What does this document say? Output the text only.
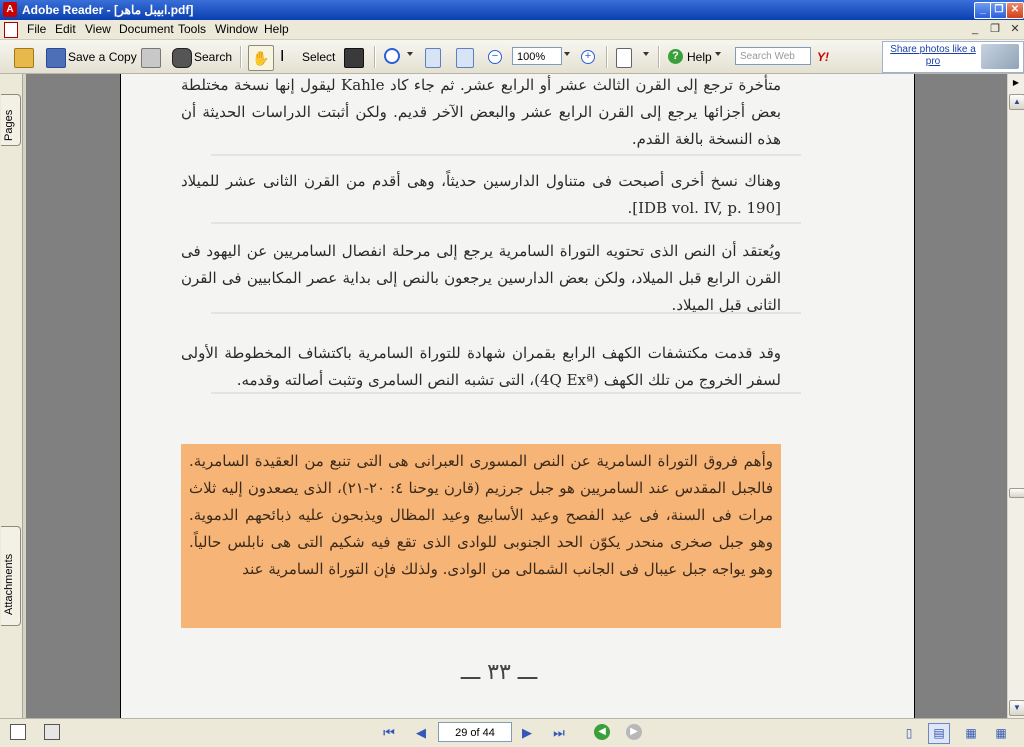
A Adobe Reader - [ابيبل ماهر.pdf]	_ ❐ ✕
File Edit View Document Tools Window Help	_	❐ ✕
Save a Copy	Search	✋ I	Select	−	100%	+	? Help	Search Web	Y!
Share photos like a pro
Pages
Attachments
متأخرة ترجع إلى القرن الثالث عشر أو الرابع عشر. ثم جاء كاد Kahle ليقول إنها نسخة مختلطة بعض أجزائها يرجع إلى القرن الرابع عشر والبعض الآخر قديم. ولكن أثبتت الدراسات الحديثة أن هذه النسخة بالغة القدم.
وهناك نسخ أخرى أصبحت فى متناول الدارسين حديثاً، وهى أقدم من القرن الثانى عشر للميلاد [IDB vol. IV, p. 190].
ويُعتقد أن النص الذى تحتويه التوراة السامرية يرجع إلى مرحلة انفصال السامريين عن اليهود فى القرن الرابع قبل الميلاد، ولكن بعض الدارسين يرجعون بالنص إلى بداية عصر المكابيين فى القرن الثانى قبل الميلاد.
وقد قدمت مكتشفات الكهف الرابع بقمران شهادة للتوراة السامرية باكتشاف المخطوطة الأولى لسفر الخروج من تلك الكهف (4Q Exª)، التى تشبه النص السامرى وتثبت أصالته وقدمه.
وأهم فروق التوراة السامرية عن النص المسورى العبرانى هى التى تنبع من العقيدة السامرية. فالجبل المقدس عند السامريين هو جبل جرزيم (قارن يوحنا ٤: ٢٠-٢١)، الذى يصعدون إليه ثلاث مرات فى السنة، فى عيد الفصح وعيد الأسابيع وعيد المظال ويذبحون عليه ذبائحهم الدموية. وهو جبل صخرى منحدر يكوّن الحد الجنوبى للوادى الذى تقع فيه شكيم التى هى نابلس حالياً. وهو يواجه جبل عيبال فى الجانب الشمالى من الوادى. ولذلك فإن التوراة السامرية عند
ـــ ٣٣ ـــ
▶
▲
▼
⏮	◀	29 of 44	▶	⏭	◀	▶	▯	▤	▦	▦
